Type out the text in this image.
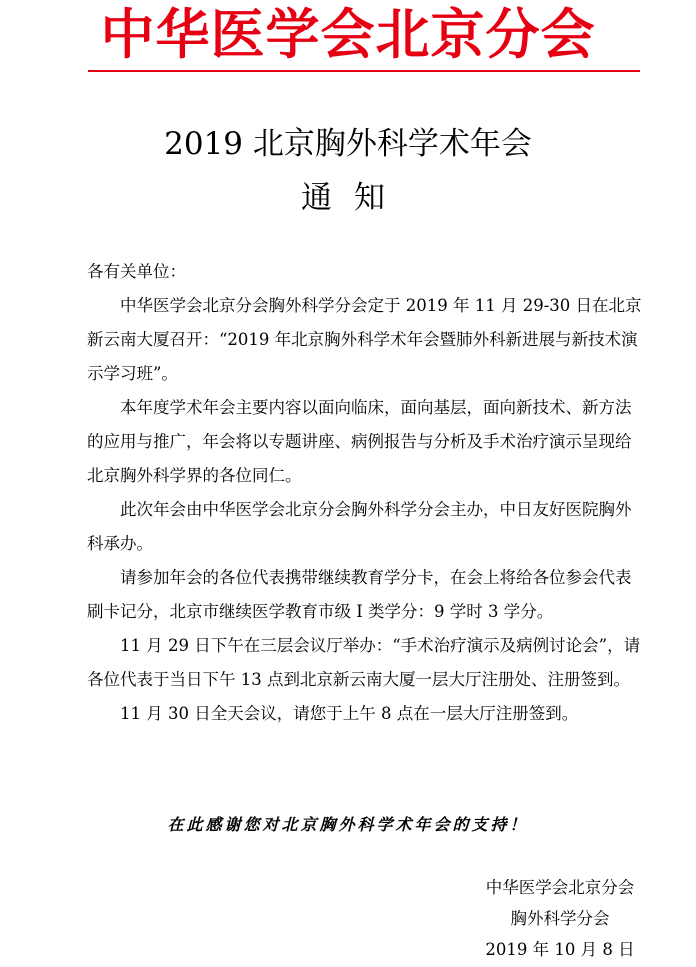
中华医学会北京分会
2019 北京胸外科学术年会
通知
各有关单位：

中华医学会北京分会胸外科学分会定于 2019 年 11 月 29-30 日在北京新云南大厦召开：“2019 年北京胸外科学术年会暨肺外科新进展与新技术演示学习班”。

本年度学术年会主要内容以面向临床，面向基层，面向新技术、新方法的应用与推广，年会将以专题讲座、病例报告与分析及手术治疗演示呈现给北京胸外科学界的各位同仁。

此次年会由中华医学会北京分会胸外科学分会主办，中日友好医院胸外科承办。

请参加年会的各位代表携带继续教育学分卡，在会上将给各位参会代表刷卡记分，北京市继续医学教育市级 I 类学分：9 学时 3 学分。

11 月 29 日下午在三层会议厅举办：“手术治疗演示及病例讨论会”，请各位代表于当日下午 13 点到北京新云南大厦一层大厅注册处、注册签到。

11 月 30 日全天会议，请您于上午 8 点在一层大厅注册签到。

在此感谢您对北京胸外科学术年会的支持！
中华医学会北京分会
胸外科学分会
2019 年 10 月 8 日
